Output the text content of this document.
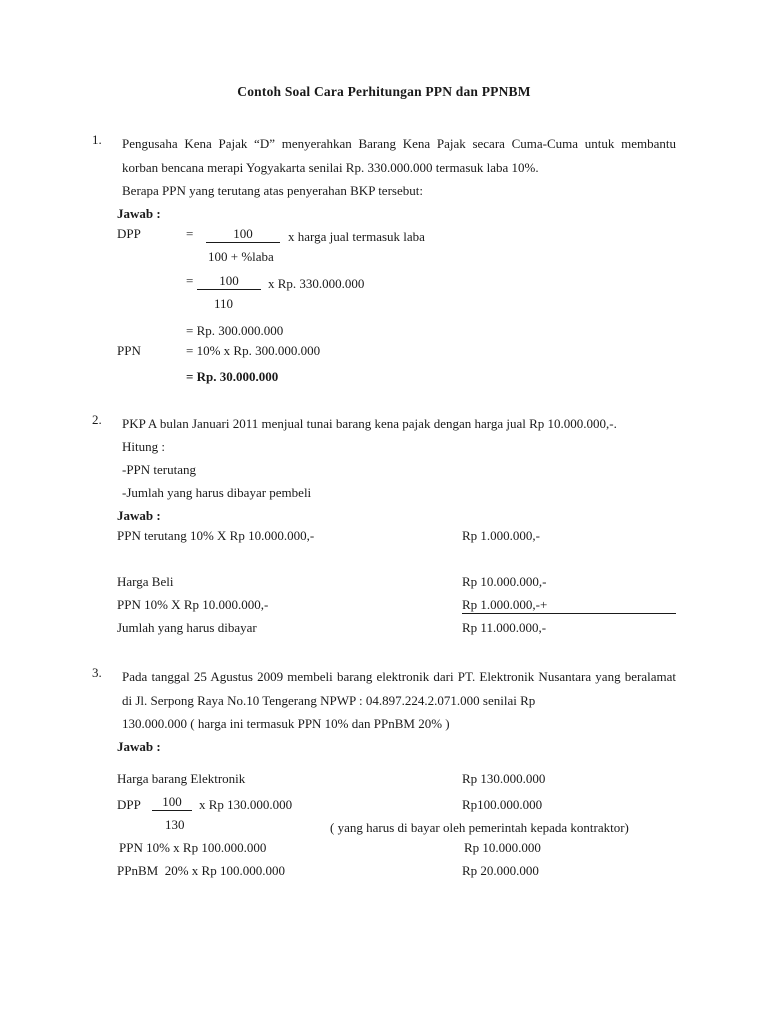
Contoh Soal Cara Perhitungan PPN dan PPNBM
1.	Pengusaha Kena Pajak “D” menyerahkan Barang Kena Pajak secara Cuma-Cuma untuk membantu korban bencana merapi Yogyakarta senilai Rp. 330.000.000 termasuk laba 10%.
Berapa PPN yang terutang atas penyerahan BKP tersebut:
Jawab :

DPP

	=

	100
100 + %laba
x harga jual termasuk laba

=

	100
110
x Rp. 330.000.000
= Rp. 300.000.000

PPN

	= 10% x Rp. 300.000.000

= Rp. 30.000.000
2.	PKP A bulan Januari 2011 menjual tunai barang kena pajak dengan harga jual Rp 10.000.000,-.
Hitung :
-PPN terutang
-Jumlah yang harus dibayar pembeli
Jawab :

PPN terutang 10% X Rp 10.000.000,-

	Rp 1.000.000,-

Harga Beli

	Rp 10.000.000,-

PPN 10% X Rp 10.000.000,-

	Rp 1.000.000,-+

Jumlah yang harus dibayar

	Rp 11.000.000,-

3.	Pada tanggal 25 Agustus 2009 membeli barang elektronik dari PT. Elektronik Nusantara yang beralamat di Jl. Serpong Raya No.10 Tengerang NPWP : 04.897.224.2.071.000 senilai Rp
130.000.000 ( harga ini termasuk PPN 10% dan PPnBM 20% )
Jawab :

Harga barang Elektronik

	Rp 130.000.000

DPP	100
130
x Rp 130.000.000	Rp100.000.000
( yang harus di bayar oleh pemerintah kepada kontraktor)

PPN 10% x Rp 100.000.000

	Rp 10.000.000

PPnBM  20% x Rp 100.000.000

	Rp 20.000.000
